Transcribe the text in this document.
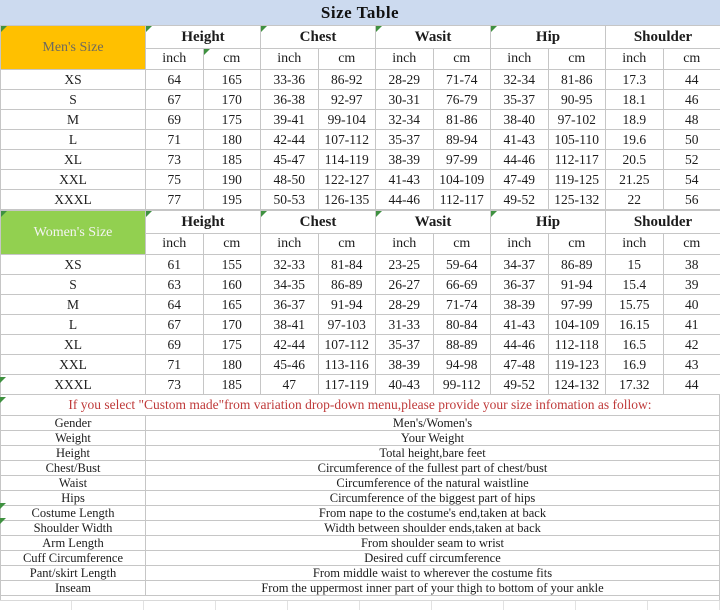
Size Table
Men's Size	Height		Chest		Wasit		Hip		Shoulder	
	inch	cm	inch	cm	inch	cm	inch	cm	inch	cm
XS	64	165	33-36	86-92	28-29	71-74	32-34	81-86	17.3	44
S	67	170	36-38	92-97	30-31	76-79	35-37	90-95	18.1	46
M	69	175	39-41	99-104	32-34	81-86	38-40	97-102	18.9	48
L	71	180	42-44	107-112	35-37	89-94	41-43	105-110	19.6	50
XL	73	185	45-47	114-119	38-39	97-99	44-46	112-117	20.5	52
XXL	75	190	48-50	122-127	41-43	104-109	47-49	119-125	21.25	54
XXXL	77	195	50-53	126-135	44-46	112-117	49-52	125-132	22	56
Women's Size	Height		Chest		Wasit		Hip		Shoulder	
	inch	cm	inch	cm	inch	cm	inch	cm	inch	cm
XS	61	155	32-33	81-84	23-25	59-64	34-37	86-89	15	38
S	63	160	34-35	86-89	26-27	66-69	36-37	91-94	15.4	39
M	64	165	36-37	91-94	28-29	71-74	38-39	97-99	15.75	40
L	67	170	38-41	97-103	31-33	80-84	41-43	104-109	16.15	41
XL	69	175	42-44	107-112	35-37	88-89	44-46	112-118	16.5	42
XXL	71	180	45-46	113-116	38-39	94-98	47-48	119-123	16.9	43
XXXL	73	185	47	117-119	40-43	99-112	49-52	124-132	17.32	44
If you select "Custom made"from variation drop-down menu,please provide your size infomation as follow:
Gender	Men's/Women's
Weight	Your Weight
Height	Total height,bare feet
Chest/Bust	Circumference of the fullest part of chest/bust
Waist	Circumference of the natural waistline
Hips	Circumference of the biggest part of hips
Costume Length	From nape to the costume's end,taken at back
Shoulder Width	Width between shoulder ends,taken at back
Arm Length	From shoulder seam to wrist
Cuff Circumference	Desired cuff circumference
Pant/skirt Length	From middle waist to wherever the costume fits
Inseam	From the uppermost inner part of your thigh to bottom of your ankle
